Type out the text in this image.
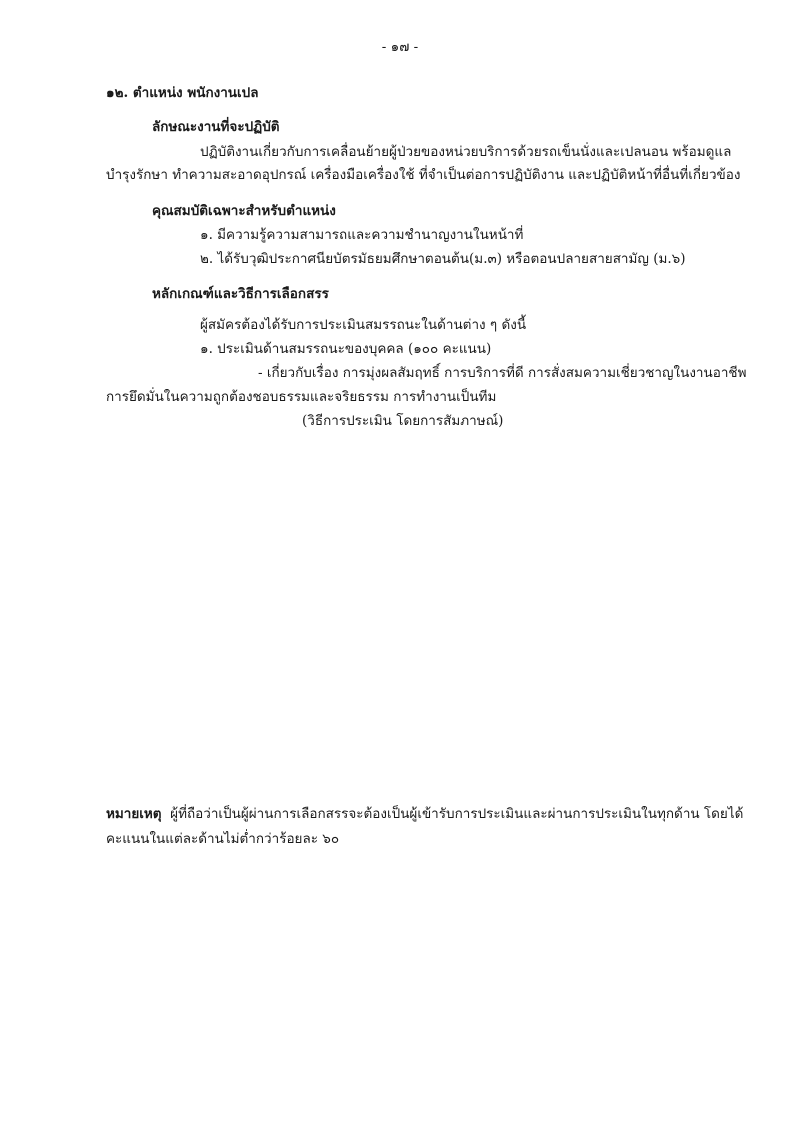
- ๑๗ -
๑๒. ตำแหน่ง พนักงานเปล
ลักษณะงานที่จะปฏิบัติ
ปฏิบัติงานเกี่ยวกับการเคลื่อนย้ายผู้ป่วยของหน่วยบริการด้วยรถเข็นนั่งและเปลนอน พร้อมดูแล
บำรุงรักษา ทำความสะอาดอุปกรณ์ เครื่องมือเครื่องใช้ ที่จำเป็นต่อการปฏิบัติงาน และปฏิบัติหน้าที่อื่นที่เกี่ยวข้อง
คุณสมบัติเฉพาะสำหรับตำแหน่ง
๑. มีความรู้ความสามารถและความชำนาญงานในหน้าที่
๒. ได้รับวุฒิประกาศนียบัตรมัธยมศึกษาตอนต้น(ม.๓) หรือตอนปลายสายสามัญ (ม.๖)
หลักเกณฑ์และวิธีการเลือกสรร
ผู้สมัครต้องได้รับการประเมินสมรรถนะในด้านต่าง ๆ ดังนี้
๑. ประเมินด้านสมรรถนะของบุคคล (๑๐๐ คะแนน)
- เกี่ยวกับเรื่อง การมุ่งผลสัมฤทธิ์ การบริการที่ดี การสั่งสมความเชี่ยวชาญในงานอาชีพ
การยึดมั่นในความถูกต้องชอบธรรมและจริยธรรม การทำงานเป็นทีม
(วิธีการประเมิน โดยการสัมภาษณ์)
หมายเหตุ ผู้ที่ถือว่าเป็นผู้ผ่านการเลือกสรรจะต้องเป็นผู้เข้ารับการประเมินและผ่านการประเมินในทุกด้าน โดยได้
คะแนนในแต่ละด้านไม่ต่ำกว่าร้อยละ ๖๐
